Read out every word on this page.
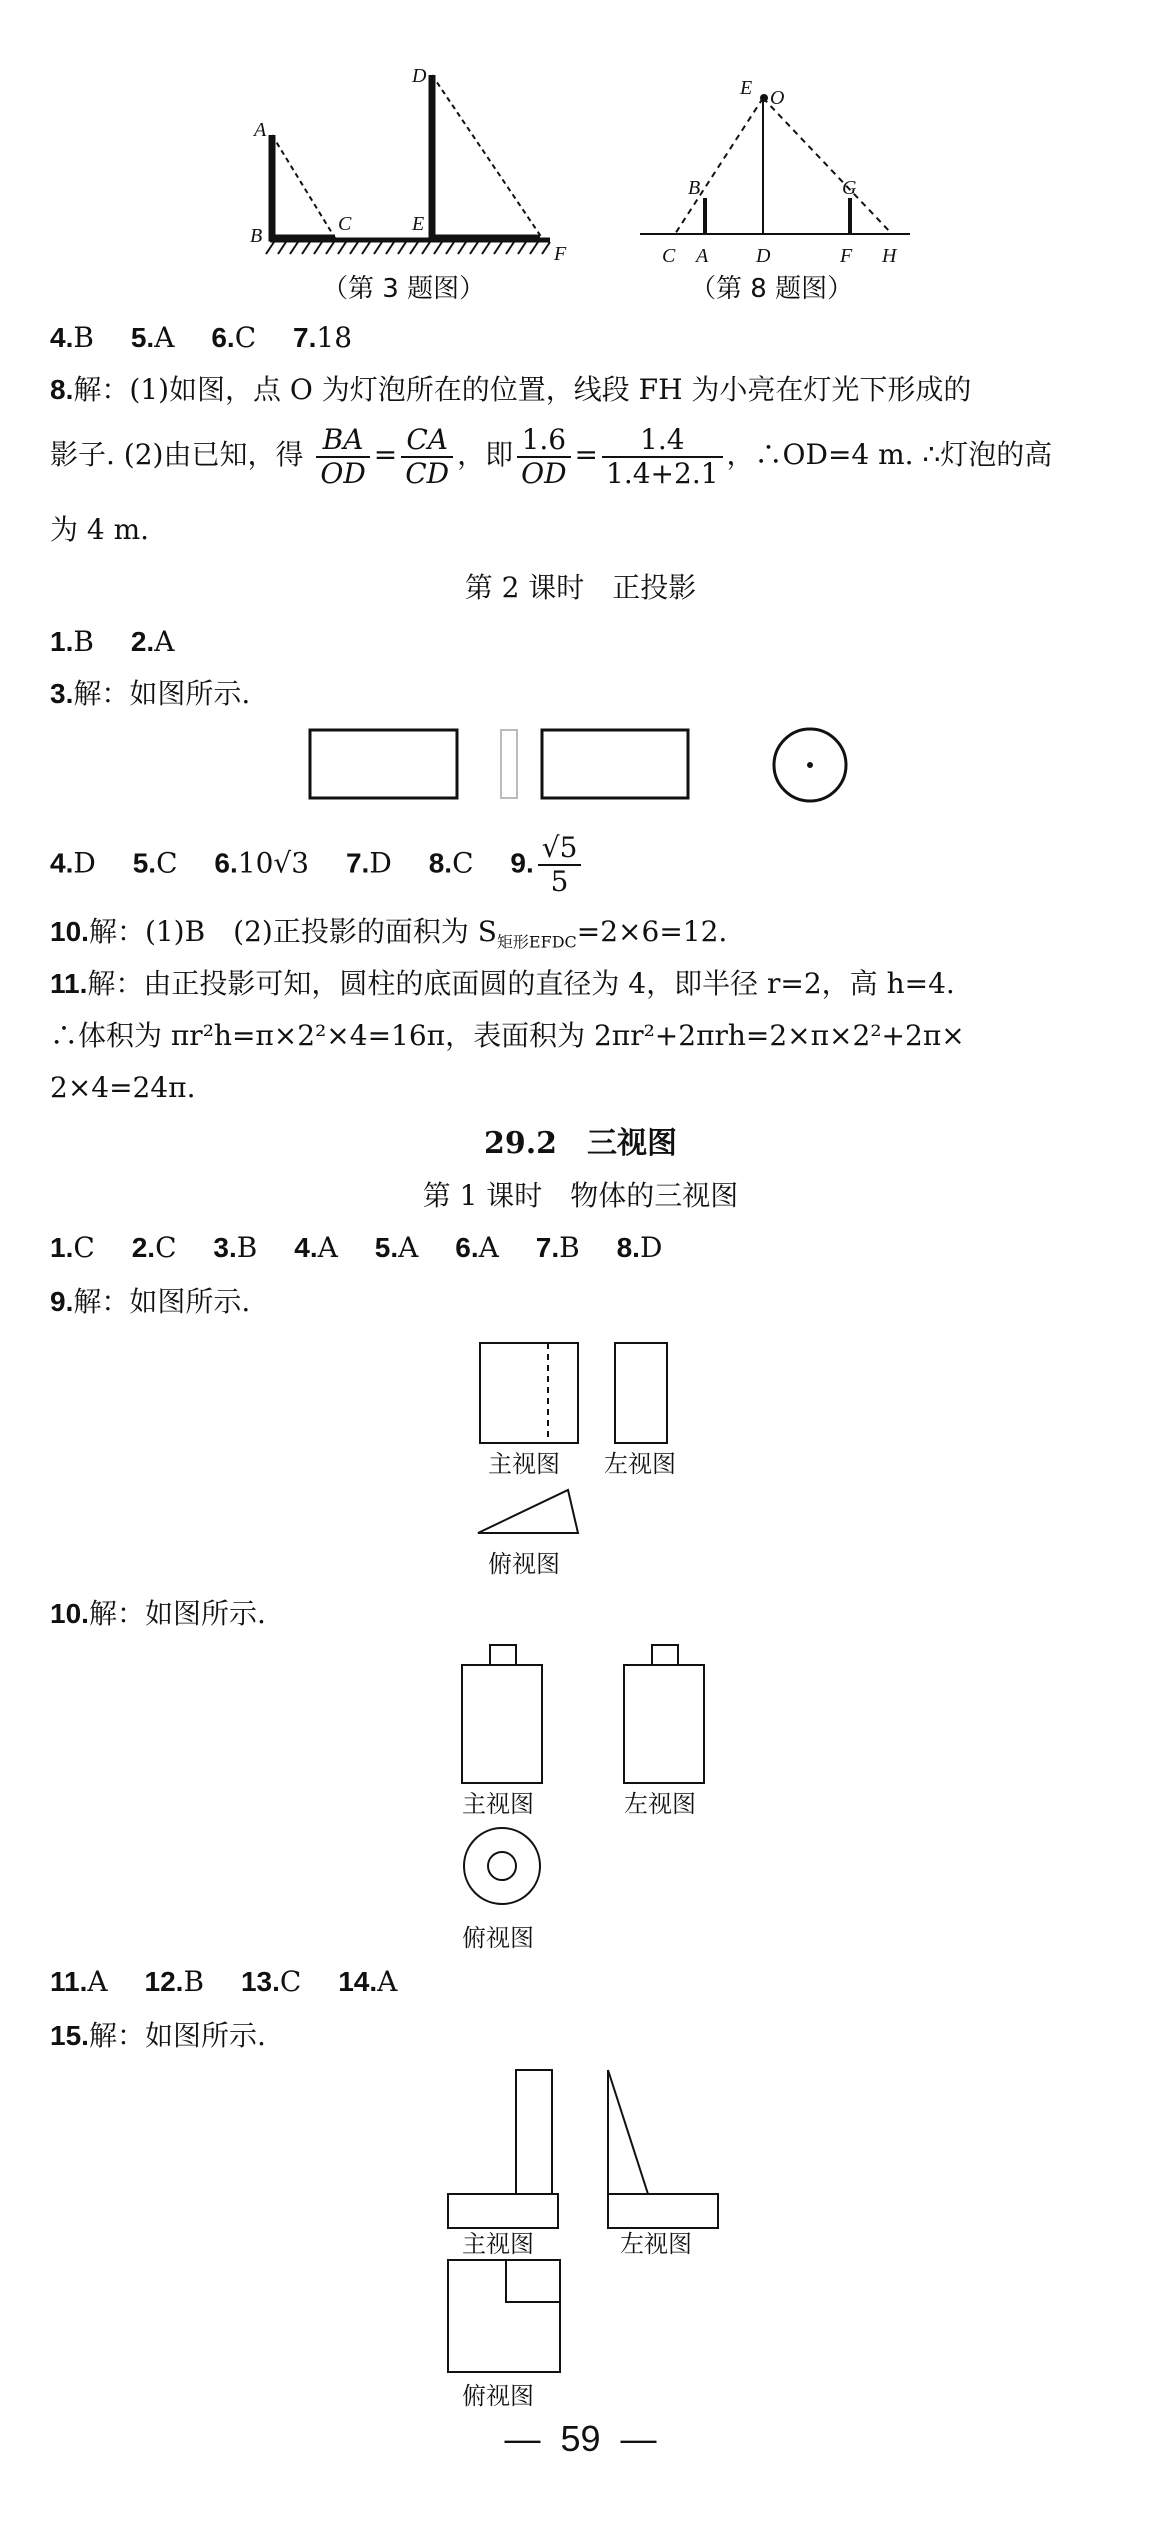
A
B
C
D
E
F
（第 3 题图）
E O
B	G
C A D	F H
（第 8 题图）
4.B　 5.A　 6.C　 7.18
8.解：(1)如图，点 O 为灯泡所在的位置，线段 FH 为小亮在灯光下形成的
影子. (2)由已知，得 $\frac{BA}{OD} = \frac{CA}{CD}$ ，即 $\frac{1.6}{OD} = \frac{1.4}{1.4+2.1}$ ，∴OD=4 m. ∴灯泡的高
为 4 m.
第 2 课时　正投影
1.B　 2.A
3.解：如图所示.
4.D　 5.C　 6.10√3　 7.D　 8.C　 9. $\frac{√5}{5}$
10.解：(1)B　(2)正投影的面积为 $S_{矩形EFDC}=2\times 6=12$.
11.解：由正投影可知，圆柱的底面圆的直径为 4，即半径 r=2，高 h=4.
∴体积为 πr²h=π×2²×4=16π，表面积为 2πr²+2πrh=2×π×2²+2π×
2×4=24π.
29.2　三视图
第 1 课时　物体的三视图
1.C　 2.C　 3.B　 4.A　 5.A　 6.A　 7.B　 8.D
9.解：如图所示.
主视图 左视图
俯视图
10.解：如图所示.
主视图	左视图
俯视图
11.A　 12.B　 13.C　 14.A
15.解：如图所示.
主视图	左视图
俯视图
— 59 —
